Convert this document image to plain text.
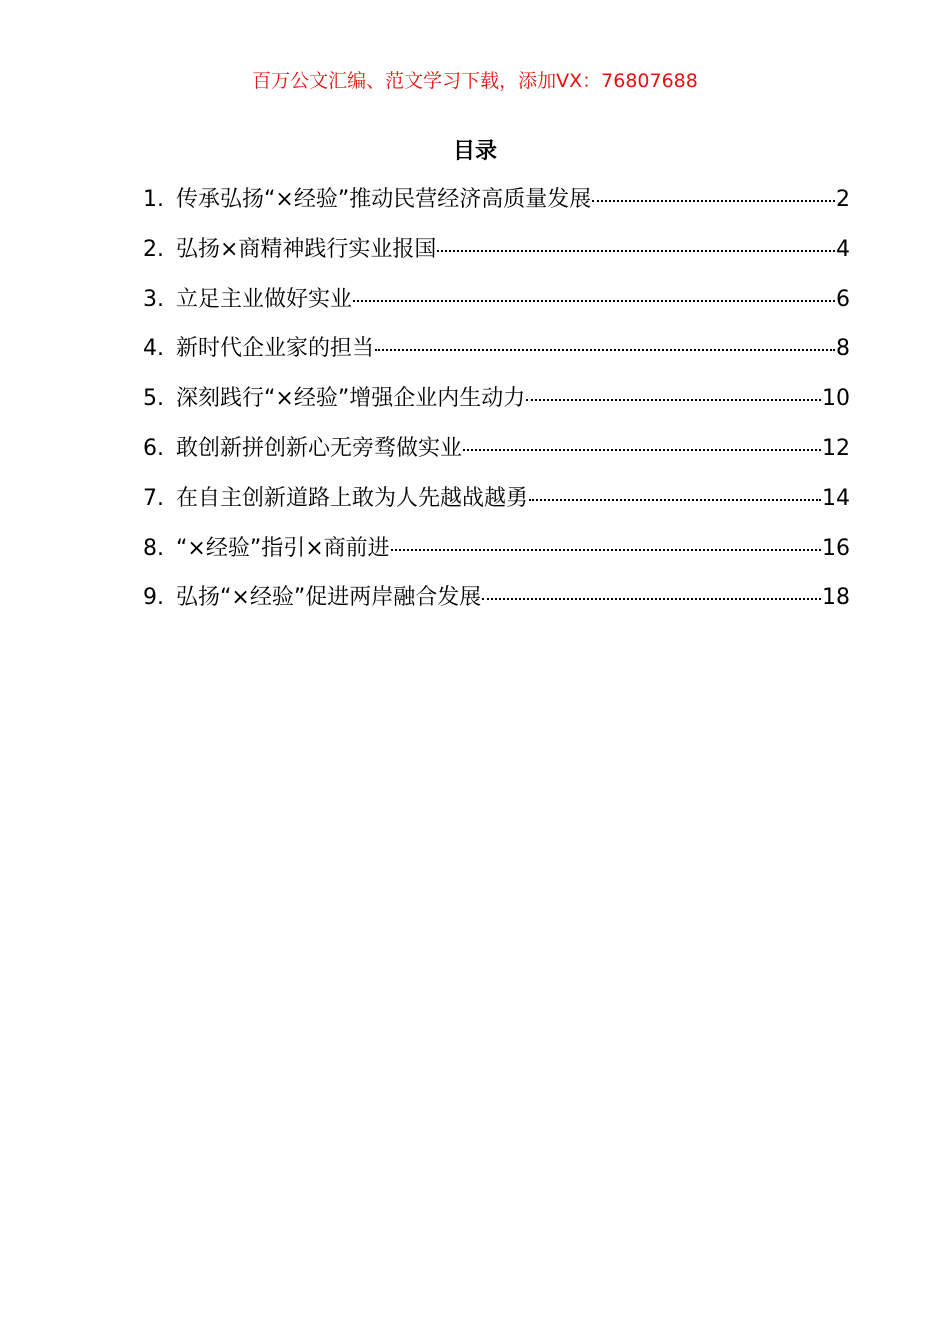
百万公文汇编、范文学习下载，添加VX：76807688
目录
1 . 传承弘扬“×经验”推动民营经济高质量发展	2
2 . 弘扬×商精神践行实业报国	4
3 . 立足主业做好实业	6
4 . 新时代企业家的担当	8
5 . 深刻践行“×经验”增强企业内生动力	10
6 . 敢创新拼创新心无旁骛做实业	12
7 . 在自主创新道路上敢为人先越战越勇	14
8 . “×经验”指引×商前进	16
9 . 弘扬“×经验”促进两岸融合发展	18
